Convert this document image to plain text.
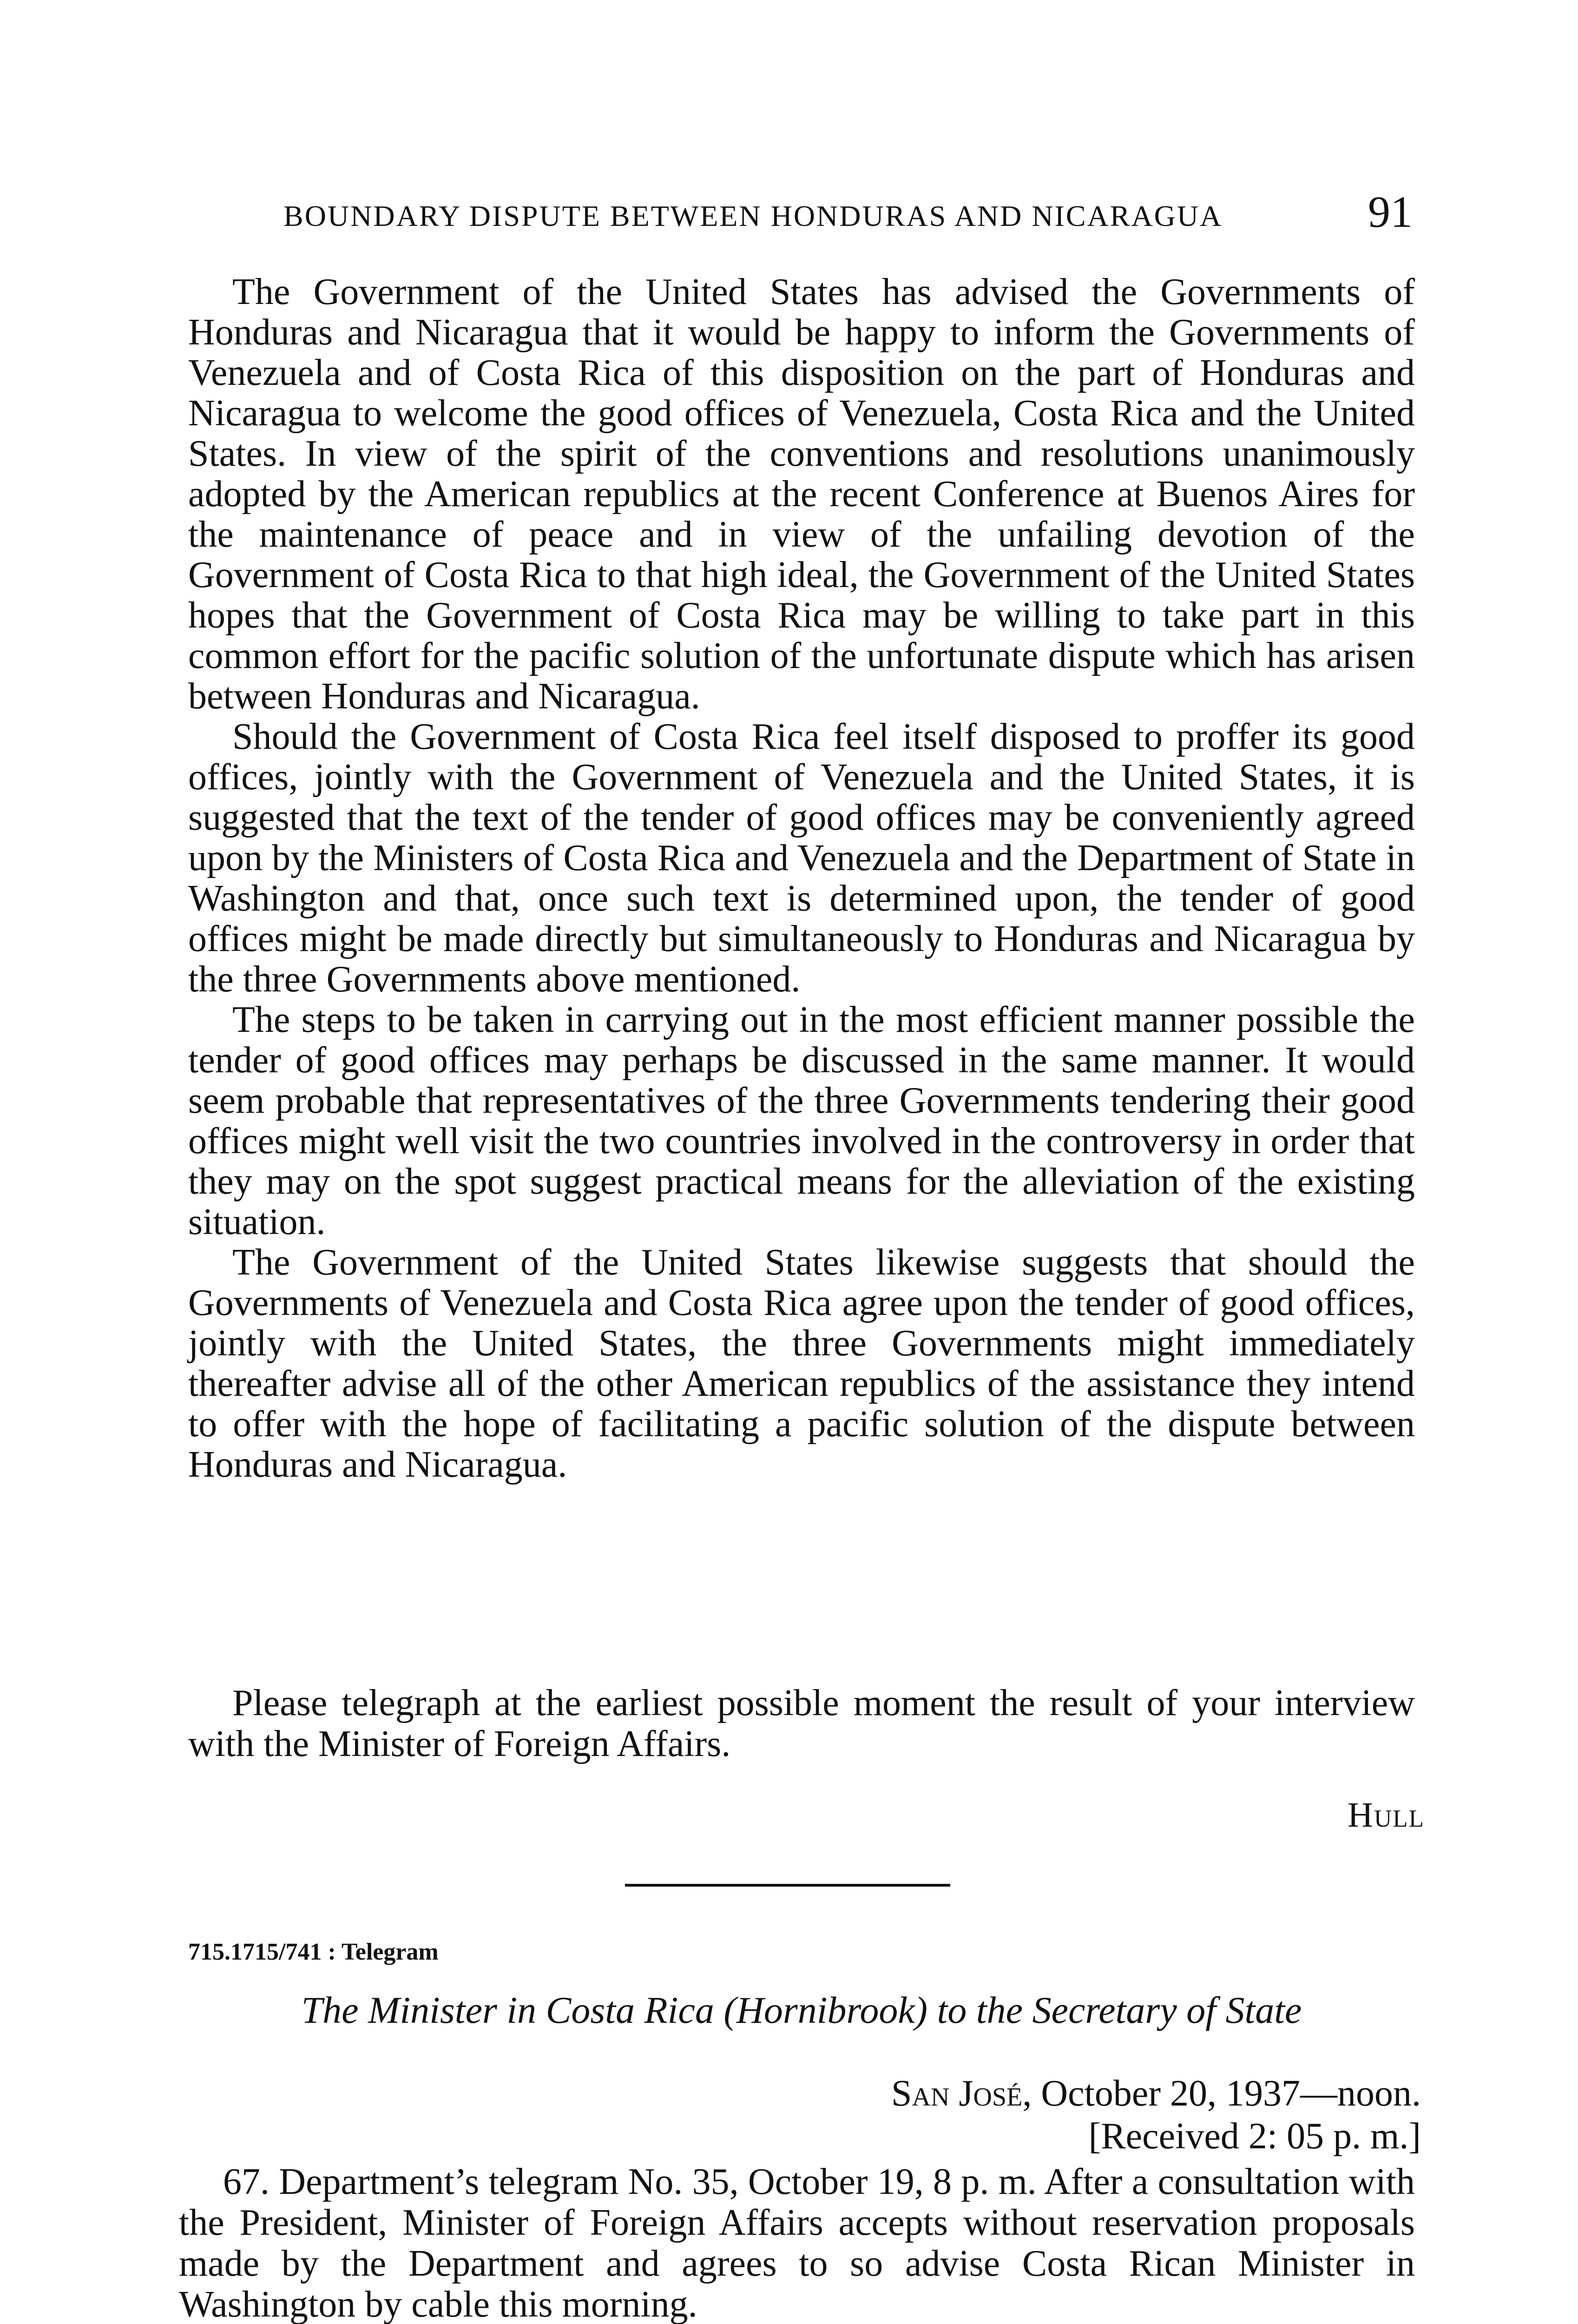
BOUNDARY DISPUTE BETWEEN HONDURAS AND NICARAGUA	91

The Government of the United States has advised the Governments of Honduras and Nicaragua that it would be happy to inform the Governments of Venezuela and of Costa Rica of this disposition on the part of Honduras and Nicaragua to welcome the good offices of Venezuela, Costa Rica and the United States. In view of the spirit of the conventions and resolutions unanimously adopted by the American republics at the recent Conference at Buenos Aires for the maintenance of peace and in view of the unfailing devotion of the Government of Costa Rica to that high ideal, the Government of the United States hopes that the Government of Costa Rica may be willing to take part in this common effort for the pacific solution of the unfortunate dispute which has arisen between Honduras and Nicaragua.

Should the Government of Costa Rica feel itself disposed to proffer its good offices, jointly with the Government of Venezuela and the United States, it is suggested that the text of the tender of good offices may be conveniently agreed upon by the Ministers of Costa Rica and Venezuela and the Department of State in Washington and that, once such text is determined upon, the tender of good offices might be made directly but simultaneously to Honduras and Nicaragua by the three Governments above mentioned.

The steps to be taken in carrying out in the most efficient manner possible the tender of good offices may perhaps be discussed in the same manner. It would seem probable that representatives of the three Governments tendering their good offices might well visit the two countries involved in the controversy in order that they may on the spot suggest practical means for the alleviation of the existing situation.

The Government of the United States likewise suggests that should the Governments of Venezuela and Costa Rica agree upon the tender of good offices, jointly with the United States, the three Governments might immediately thereafter advise all of the other American republics of the assistance they intend to offer with the hope of facilitating a pacific solution of the dispute between Honduras and Nicaragua.

Please telegraph at the earliest possible moment the result of your interview with the Minister of Foreign Affairs.

Hull
715.1715/741 : Telegram
The Minister in Costa Rica (Hornibrook) to the Secretary of State
San José, October 20, 1937—noon.
[Received 2: 05 p. m.]

67. Department’s telegram No. 35, October 19, 8 p. m. After a consultation with the President, Minister of Foreign Affairs accepts without reservation proposals made by the Department and agrees to so advise Costa Rican Minister in Washington by cable this morning.
